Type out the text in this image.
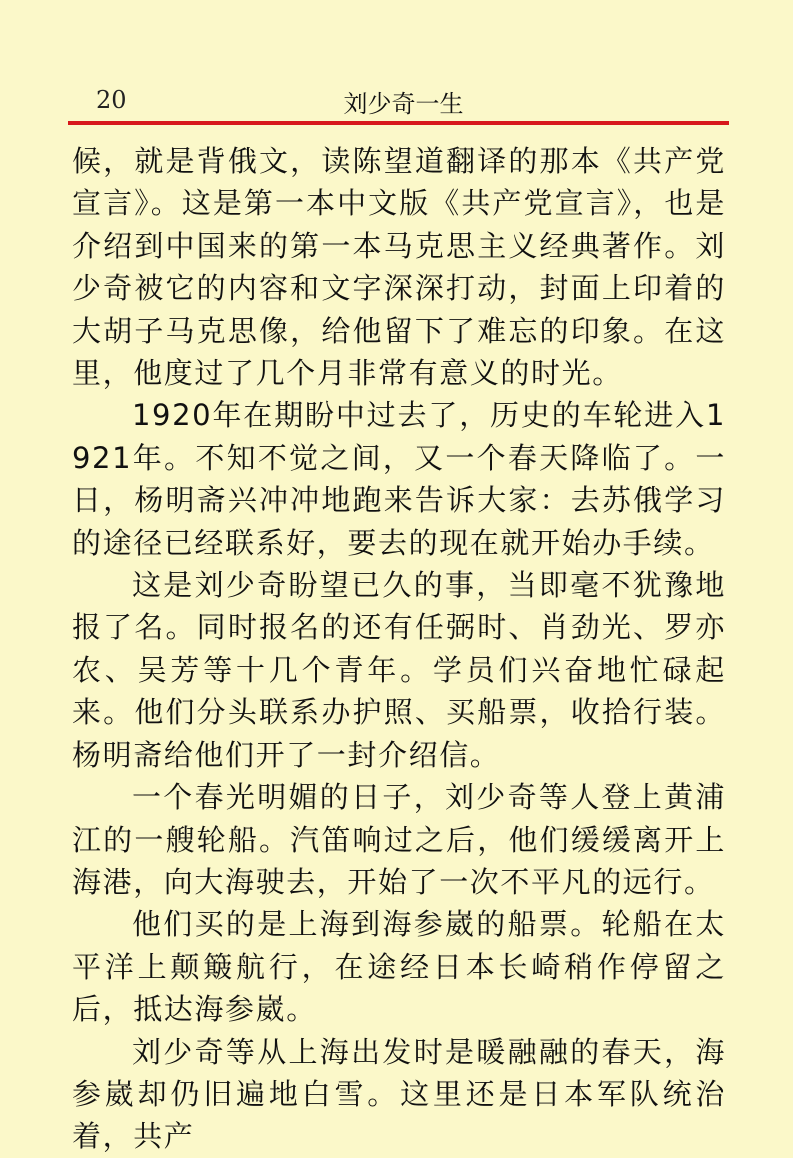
20	刘少奇一生

候，就是背俄文，读陈望道翻译的那本《共产党宣言》。这是第一本中文版《共产党宣言》，也是介绍到中国来的第一本马克思主义经典著作。刘少奇被它的内容和文字深深打动，封面上印着的大胡子马克思像，给他留下了难忘的印象。在这里，他度过了几个月非常有意义的时光。

1920年在期盼中过去了，历史的车轮进入1921年。不知不觉之间，又一个春天降临了。一日，杨明斋兴冲冲地跑来告诉大家：去苏俄学习的途径已经联系好，要去的现在就开始办手续。

这是刘少奇盼望已久的事，当即毫不犹豫地报了名。同时报名的还有任弼时、肖劲光、罗亦农、吴芳等十几个青年。学员们兴奋地忙碌起来。他们分头联系办护照、买船票，收拾行装。杨明斋给他们开了一封介绍信。

一个春光明媚的日子，刘少奇等人登上黄浦江的一艘轮船。汽笛响过之后，他们缓缓离开上海港，向大海驶去，开始了一次不平凡的远行。

他们买的是上海到海参崴的船票。轮船在太平洋上颠簸航行，在途经日本长崎稍作停留之后，抵达海参崴。

刘少奇等从上海出发时是暖融融的春天，海参崴却仍旧遍地白雪。这里还是日本军队统治着，共产
